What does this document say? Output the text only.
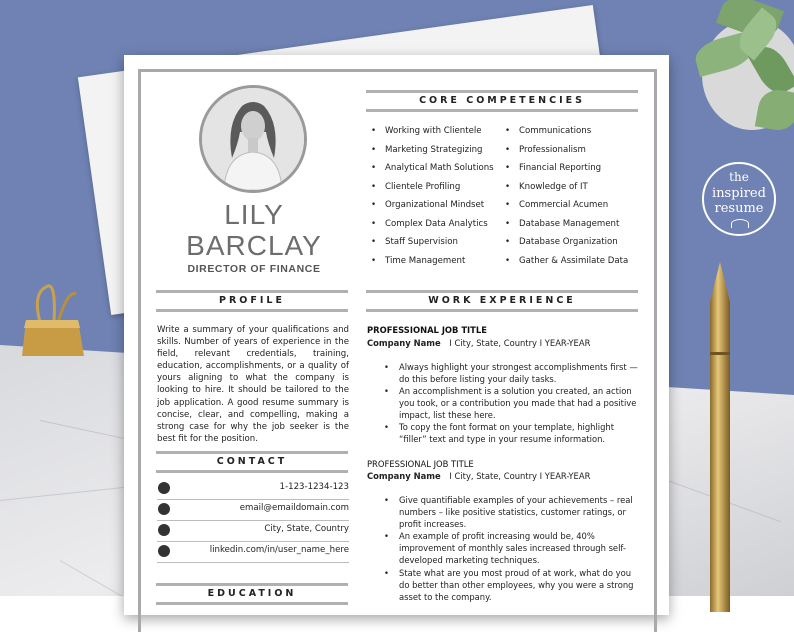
the
inspired
resume
LILY
BARCLAY
DIRECTOR OF FINANCE
CORE COMPETENCIES
• Working with Clientele
• Marketing Strategizing
• Analytical Math Solutions
• Clientele Profiling
• Organizational Mindset
• Complex Data Analytics
• Staff Supervision
• Time Management
• Communications
• Professionalism
• Financial Reporting
• Knowledge of IT
• Commercial Acumen
• Database Management
• Database Organization
• Gather & Assimilate Data
PROFILE
Write a summary of your qualifications and skills. Number of years of experience in the field, relevant credentials, training, education, accomplishments, or a quality of yours aligning to what the company is looking to hire. It should be tailored to the job application. A good resume summary is concise, clear, and compelling, making a strong case for why the job seeker is the best fit for the position.
CONTACT
1-123-1234-123
email@emaildomain.com
City, State, Country
linkedin.com/in/user_name_here
EDUCATION
WORK EXPERIENCE
PROFESSIONAL JOB TITLE
Company Name I City, State, Country I YEAR-YEAR
• Always highlight your strongest accomplishments first —do this before listing your daily tasks.
• An accomplishment is a solution you created, an action you took, or a contribution you made that had a positive impact, list these here.
• To copy the font format on your template, highlight “filler” text and type in your resume information.
PROFESSIONAL JOB TITLE
Company Name I City, State, Country I YEAR-YEAR
• Give quantifiable examples of your achievements – real numbers – like positive statistics, customer ratings, or profit increases.
• An example of profit increasing would be, 40% improvement of monthly sales increased through self-developed marketing techniques.
• State what are you most proud of at work, what do you do better than other employees, why you were a strong asset to the company.
